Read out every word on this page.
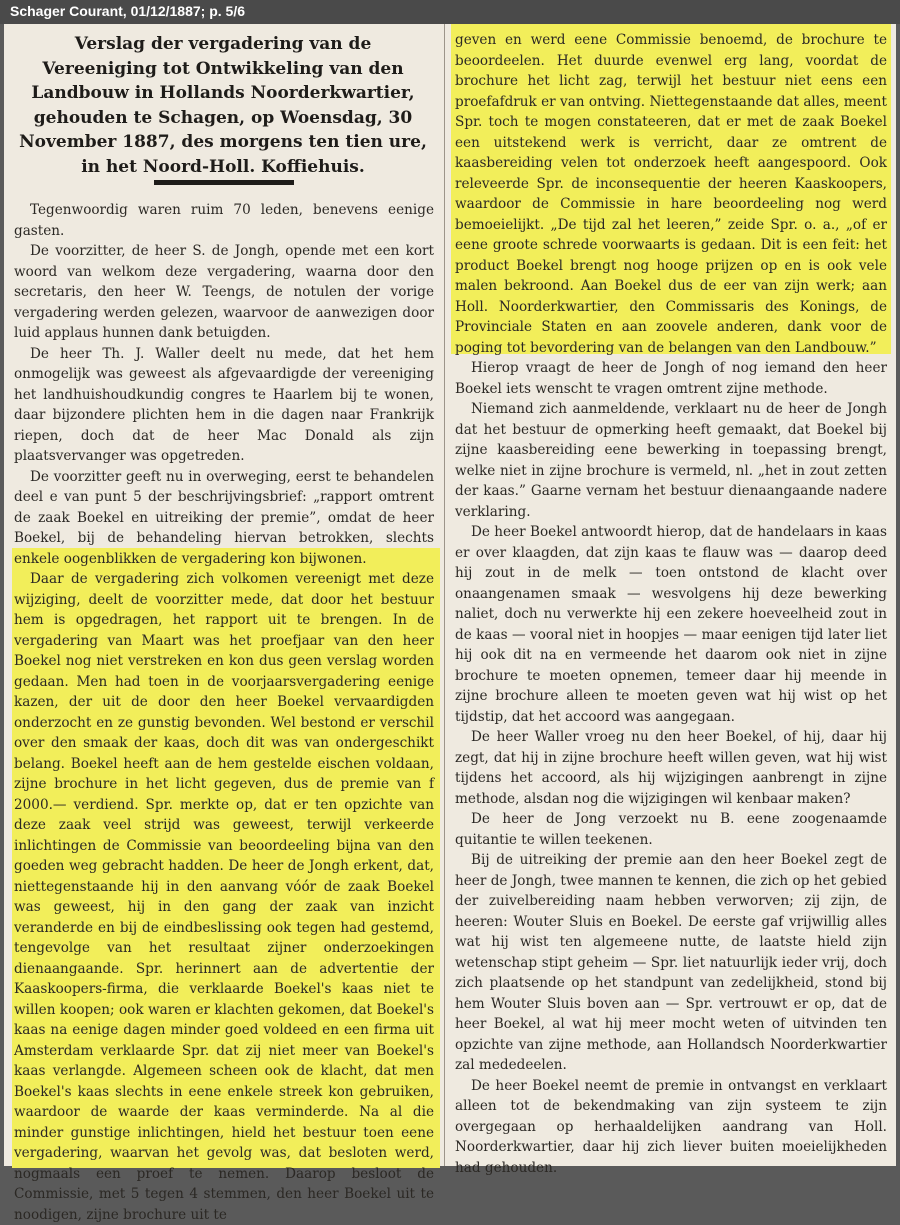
Schager Courant, 01/12/1887; p. 5/6
Verslag der vergadering van de Vereeniging tot Ontwikkeling van den Landbouw in Hollands Noorderkwartier, gehouden te Schagen, op Woensdag, 30 November 1887, des morgens ten tien ure, in het Noord-Holl. Koffiehuis.

Tegenwoordig waren ruim 70 leden, benevens eenige gasten.

De voorzitter, de heer S. de Jongh, opende met een kort woord van welkom deze vergadering, waarna door den secretaris, den heer W. Teengs, de notulen der vorige vergadering werden gelezen, waarvoor de aanwezigen door luid applaus hunnen dank betuigden.

De heer Th. J. Waller deelt nu mede, dat het hem onmogelijk was geweest als afgevaardigde der vereeniging het landhuishoudkundig congres te Haarlem bij te wonen, daar bijzondere plichten hem in die dagen naar Frankrijk riepen, doch dat de heer Mac Donald als zijn plaatsvervanger was opgetreden.

De voorzitter geeft nu in overweging, eerst te behandelen deel e van punt 5 der beschrijvingsbrief: „rapport omtrent de zaak Boekel en uitreiking der premie”, omdat de heer Boekel, bij de behandeling hiervan betrokken, slechts enkele oogenblikken de vergadering kon bijwonen.

Daar de vergadering zich volkomen vereenigt met deze wijziging, deelt de voorzitter mede, dat door het bestuur hem is opgedragen, het rapport uit te brengen. In de vergadering van Maart was het proefjaar van den heer Boekel nog niet verstreken en kon dus geen verslag worden gedaan. Men had toen in de voorjaarsvergadering eenige kazen, der uit de door den heer Boekel vervaardigden onderzocht en ze gunstig bevonden. Wel bestond er verschil over den smaak der kaas, doch dit was van ondergeschikt belang. Boekel heeft aan de hem gestelde eischen voldaan, zijne brochure in het licht gegeven, dus de premie van f 2000.— verdiend. Spr. merkte op, dat er ten opzichte van deze zaak veel strijd was geweest, terwijl verkeerde inlichtingen de Commissie van beoordeeling bijna van den goeden weg gebracht hadden. De heer de Jongh erkent, dat, niettegenstaande hij in den aanvang vóór de zaak Boekel was geweest, hij in den gang der zaak van inzicht veranderde en bij de eindbeslissing ook tegen had gestemd, tengevolge van het resultaat zijner onderzoekingen dienaangaande. Spr. herinnert aan de advertentie der Kaaskoopers-firma, die verklaarde Boekel's kaas niet te willen koopen; ook waren er klachten gekomen, dat Boekel's kaas na eenige dagen minder goed voldeed en een firma uit Amsterdam verklaarde Spr. dat zij niet meer van Boekel's kaas verlangde. Algemeen scheen ook de klacht, dat men Boekel's kaas slechts in eene enkele streek kon gebruiken, waardoor de waarde der kaas verminderde. Na al die minder gunstige inlichtingen, hield het bestuur toen eene vergadering, waarvan het gevolg was, dat besloten werd, nogmaals een proef te nemen. Daarop besloot de Commissie, met 5 tegen 4 stemmen, den heer Boekel uit te noodigen, zijne brochure uit te

geven en werd eene Commissie benoemd, de brochure te beoordeelen. Het duurde evenwel erg lang, voordat de brochure het licht zag, terwijl het bestuur niet eens een proefafdruk er van ontving. Niettegenstaande dat alles, meent Spr. toch te mogen constateeren, dat er met de zaak Boekel een uitstekend werk is verricht, daar ze omtrent de kaasbereiding velen tot onderzoek heeft aangespoord. Ook releveerde Spr. de inconsequentie der heeren Kaaskoopers, waardoor de Commissie in hare beoordeeling nog werd bemoeielijkt. „De tijd zal het leeren,” zeide Spr. o. a., „of er eene groote schrede voorwaarts is gedaan. Dit is een feit: het product Boekel brengt nog hooge prijzen op en is ook vele malen bekroond. Aan Boekel dus de eer van zijn werk; aan Holl. Noorderkwartier, den Commissaris des Konings, de Provinciale Staten en aan zoovele anderen, dank voor de poging tot bevordering van de belangen van den Landbouw.”

Hierop vraagt de heer de Jongh of nog iemand den heer Boekel iets wenscht te vragen omtrent zijne methode.

Niemand zich aanmeldende, verklaart nu de heer de Jongh dat het bestuur de opmerking heeft gemaakt, dat Boekel bij zijne kaasbereiding eene bewerking in toepassing brengt, welke niet in zijne brochure is vermeld, nl. „het in zout zetten der kaas.” Gaarne vernam het bestuur dienaangaande nadere verklaring.

De heer Boekel antwoordt hierop, dat de handelaars in kaas er over klaagden, dat zijn kaas te flauw was — daarop deed hij zout in de melk — toen ontstond de klacht over onaangenamen smaak — wesvolgens hij deze bewerking naliet, doch nu verwerkte hij een zekere hoeveelheid zout in de kaas — vooral niet in hoopjes — maar eenigen tijd later liet hij ook dit na en vermeende het daarom ook niet in zijne brochure te moeten opnemen, temeer daar hij meende in zijne brochure alleen te moeten geven wat hij wist op het tijdstip, dat het accoord was aangegaan.

De heer Waller vroeg nu den heer Boekel, of hij, daar hij zegt, dat hij in zijne brochure heeft willen geven, wat hij wist tijdens het accoord, als hij wijzigingen aanbrengt in zijne methode, alsdan nog die wijzigingen wil kenbaar maken?

De heer de Jong verzoekt nu B. eene zoogenaamde quitantie te willen teekenen.

Bij de uitreiking der premie aan den heer Boekel zegt de heer de Jongh, twee mannen te kennen, die zich op het gebied der zuivelbereiding naam hebben verworven; zij zijn, de heeren: Wouter Sluis en Boekel. De eerste gaf vrijwillig alles wat hij wist ten algemeene nutte, de laatste hield zijn wetenschap stipt geheim — Spr. liet natuurlijk ieder vrij, doch zich plaatsende op het standpunt van zedelijkheid, stond bij hem Wouter Sluis boven aan — Spr. vertrouwt er op, dat de heer Boekel, al wat hij meer mocht weten of uitvinden ten opzichte van zijne methode, aan Hollandsch Noorderkwartier zal mededeelen.

De heer Boekel neemt de premie in ontvangst en verklaart alleen tot de bekendmaking van zijn systeem te zijn overgegaan op herhaaldelijken aandrang van Holl. Noorderkwartier, daar hij zich liever buiten moeielijkheden had gehouden.
